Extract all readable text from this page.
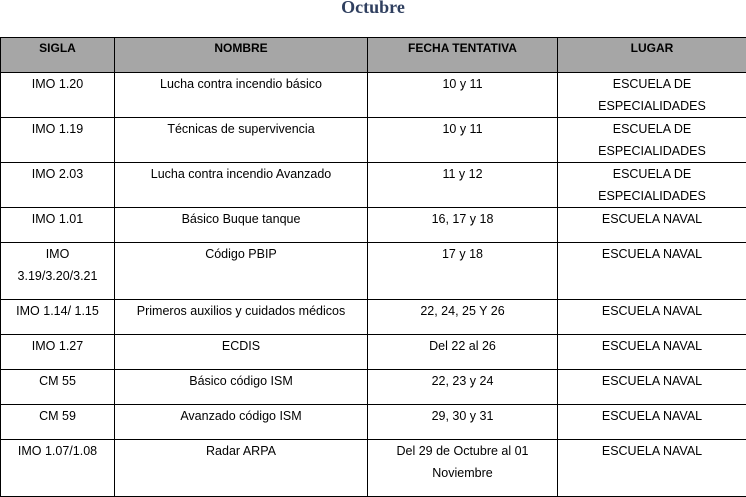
Octubre
SIGLA	NOMBRE	FECHA TENTATIVA	LUGAR
IMO 1.20	Lucha contra incendio básico	10 y 11	ESCUELA DE ESPECIALIDADES
IMO 1.19	Técnicas de supervivencia	10 y 11	ESCUELA DE ESPECIALIDADES
IMO 2.03	Lucha contra incendio Avanzado	11 y 12	ESCUELA DE ESPECIALIDADES
IMO 1.01	Básico Buque tanque	16, 17 y 18	ESCUELA NAVAL
IMO 3.19/3.20/3.21	Código PBIP	17 y 18	ESCUELA NAVAL
IMO 1.14/ 1.15	Primeros auxilios y cuidados médicos	22, 24, 25 Y 26	ESCUELA NAVAL
IMO 1.27	ECDIS	Del 22 al 26	ESCUELA NAVAL
CM 55	Básico código ISM	22, 23 y 24	ESCUELA NAVAL
CM 59	Avanzado código ISM	29, 30 y 31	ESCUELA NAVAL
IMO 1.07/1.08	Radar ARPA	Del 29 de Octubre al 01 Noviembre	ESCUELA NAVAL
